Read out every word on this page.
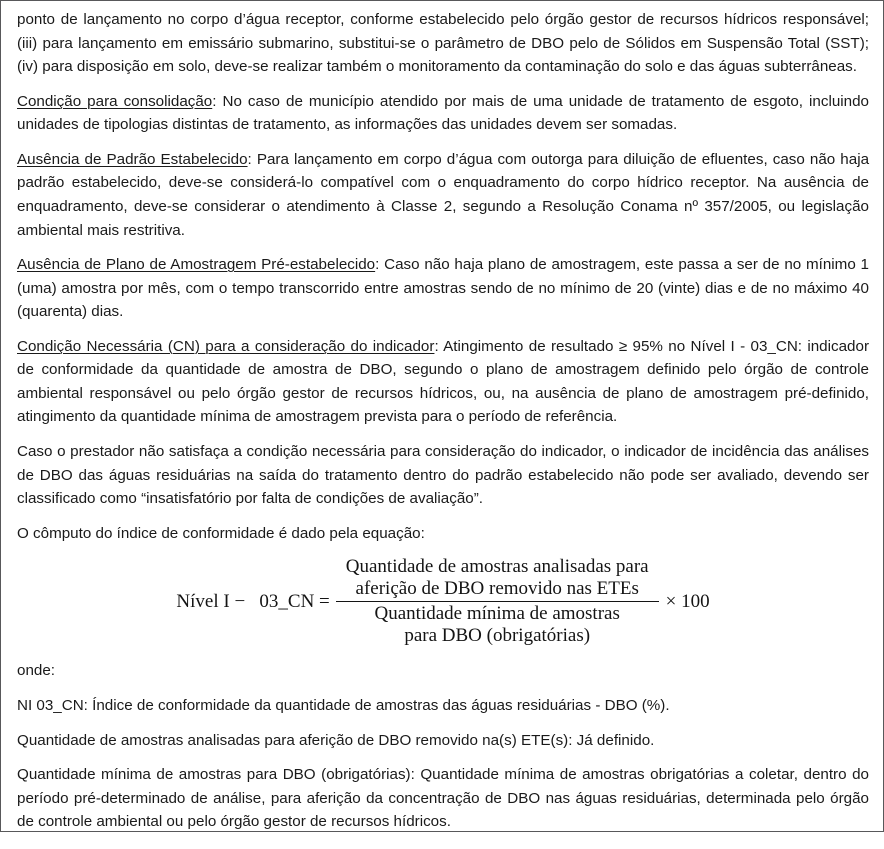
ponto de lançamento no corpo d’água receptor, conforme estabelecido pelo órgão gestor de recursos hídricos responsável; (iii) para lançamento em emissário submarino, substitui-se o parâmetro de DBO pelo de Sólidos em Suspensão Total (SST); (iv) para disposição em solo, deve-se realizar também o monitoramento da contaminação do solo e das águas subterrâneas.

Condição para consolidação: No caso de município atendido por mais de uma unidade de tratamento de esgoto, incluindo unidades de tipologias distintas de tratamento, as informações das unidades devem ser somadas.

Ausência de Padrão Estabelecido: Para lançamento em corpo d’água com outorga para diluição de efluentes, caso não haja padrão estabelecido, deve-se considerá-lo compatível com o enquadramento do corpo hídrico receptor. Na ausência de enquadramento, deve-se considerar o atendimento à Classe 2, segundo a Resolução Conama nº 357/2005, ou legislação ambiental mais restritiva.

Ausência de Plano de Amostragem Pré-estabelecido: Caso não haja plano de amostragem, este passa a ser de no mínimo 1 (uma) amostra por mês, com o tempo transcorrido entre amostras sendo de no mínimo de 20 (vinte) dias e de no máximo 40 (quarenta) dias.

Condição Necessária (CN) para a consideração do indicador: Atingimento de resultado ≥ 95% no Nível I - 03_CN: indicador de conformidade da quantidade de amostra de DBO, segundo o plano de amostragem definido pelo órgão de controle ambiental responsável ou pelo órgão gestor de recursos hídricos, ou, na ausência de plano de amostragem pré-definido, atingimento da quantidade mínima de amostragem prevista para o período de referência.

Caso o prestador não satisfaça a condição necessária para consideração do indicador, o indicador de incidência das análises de DBO das águas residuárias na saída do tratamento dentro do padrão estabelecido não pode ser avaliado, devendo ser classificado como “insatisfatório por falta de condições de avaliação”.

O cômputo do índice de conformidade é dado pela equação:

Nível I −   03_CN =
Quantidade de amostras analisadas para
aferição de DBO removido nas ETEs
Quantidade mínima de amostras
para DBO (obrigatórias)
× 100

onde:

NI 03_CN: Índice de conformidade da quantidade de amostras das águas residuárias - DBO (%).

Quantidade de amostras analisadas para aferição de DBO removido na(s) ETE(s): Já definido.

Quantidade mínima de amostras para DBO (obrigatórias): Quantidade mínima de amostras obrigatórias a coletar, dentro do período pré-determinado de análise, para aferição da concentração de DBO nas águas residuárias, determinada pelo órgão de controle ambiental ou pelo órgão gestor de recursos hídricos.
